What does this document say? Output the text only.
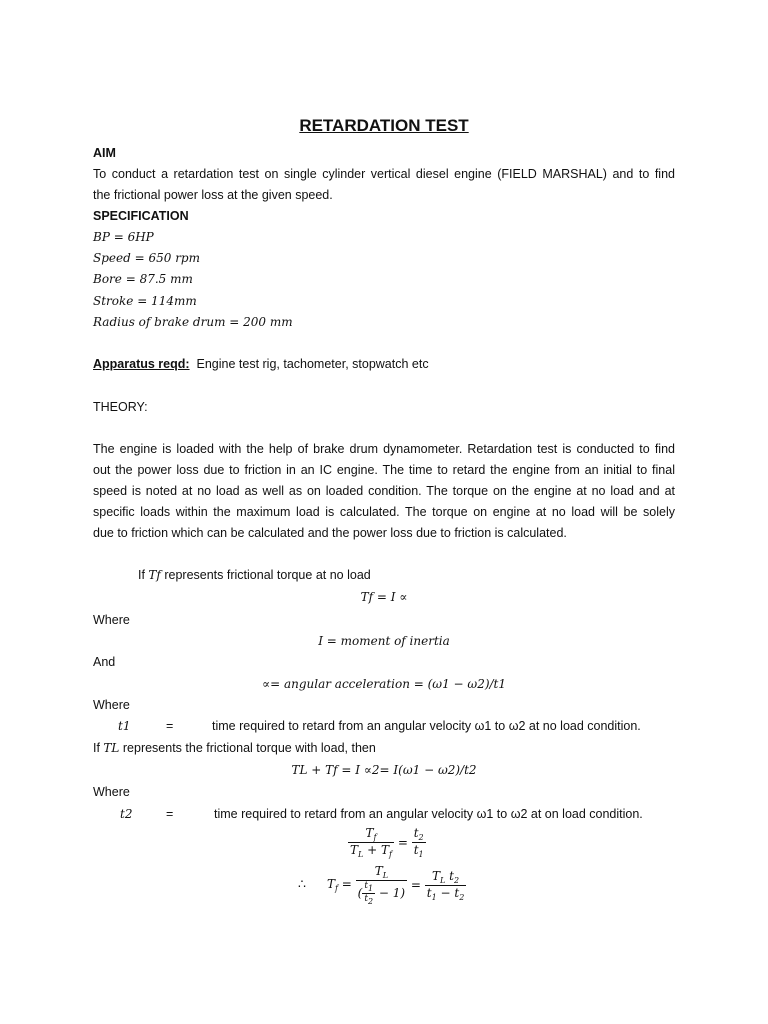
RETARDATION TEST
AIM
To conduct a retardation test on single cylinder vertical diesel engine (FIELD MARSHAL) and to find
the frictional power loss at the given speed.
SPECIFICATION
BP = 6HP
Speed = 650 rpm
Bore = 87.5 mm
Stroke = 114mm
Radius of brake drum = 200 mm
Apparatus reqd: Engine test rig, tachometer, stopwatch etc
THEORY:
The engine is loaded with the help of brake drum dynamometer. Retardation test is conducted to find
out the power loss due to friction in an IC engine. The time to retard the engine from an initial to final
speed is noted at no load as well as on loaded condition. The torque on the engine at no load and at
specific loads within the maximum load is calculated. The torque on engine at no load will be solely
due to friction which can be calculated and the power loss due to friction is calculated.
If Tf represents frictional torque at no load
Tf = I ∝
Where
I = moment of inertia
And
∝= angular acceleration = (ω1 − ω2)/t1
Where
t1	=	time required to retard from an angular velocity ω1 to ω2 at no load condition.
If TL represents the frictional torque with load, then
TL + Tf = I ∝2= I(ω1 − ω2)/t2
Where
t2	=	time required to retard from an angular velocity ω1 to ω2 at on load condition.
$\frac{T_f}{T_L + T_f} = \frac{t_2}{t_1}$
∴ $T_f = \frac{T_L}{( \frac{t1}{t2} - 1)} = \frac{T_L t_2}{t_1 - t_2}$
